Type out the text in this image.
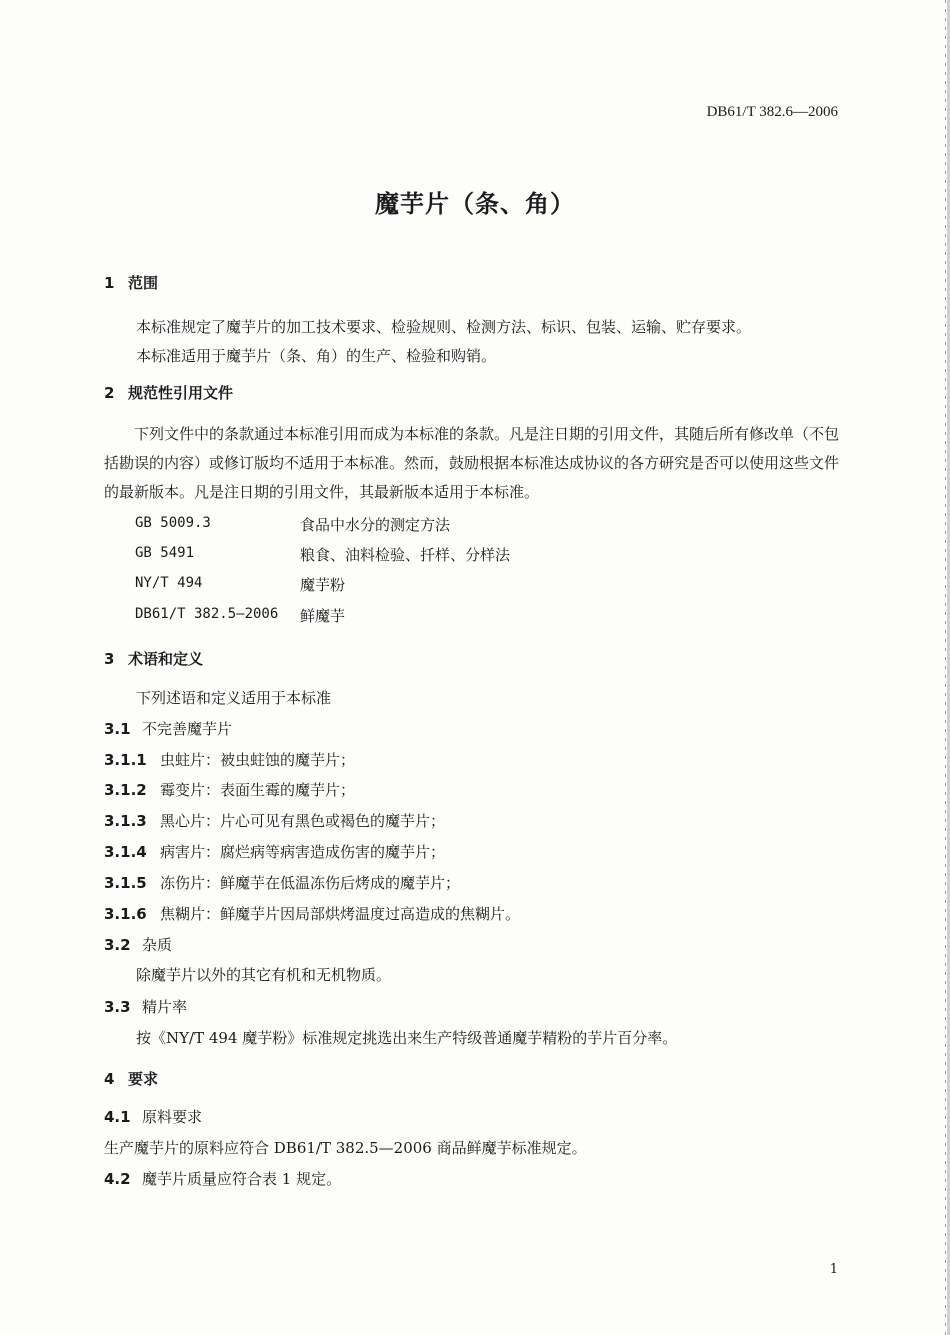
DB61/T 382.6—2006
魔芋片（条、角）
1 范围
本标准规定了魔芋片的加工技术要求、检验规则、检测方法、标识、包装、运输、贮存要求。
本标准适用于魔芋片（条、角）的生产、检验和购销。
2 规范性引用文件
下列文件中的条款通过本标准引用而成为本标准的条款。凡是注日期的引用文件，其随后所有修改单（不包括勘误的内容）或修订版均不适用于本标准。然而，鼓励根据本标准达成协议的各方研究是否可以使用这些文件的最新版本。凡是注日期的引用文件，其最新版本适用于本标准。
GB 5009.3	食品中水分的测定方法
GB 5491	粮食、油料检验、扦样、分样法
NY/T 494	魔芋粉
DB61/T 382.5—2006 鲜魔芋
3 术语和定义
下列述语和定义适用于本标准
3.1 不完善魔芋片
3.1.1 虫蛀片：被虫蛀蚀的魔芋片；
3.1.2 霉变片：表面生霉的魔芋片；
3.1.3 黑心片：片心可见有黑色或褐色的魔芋片；
3.1.4 病害片：腐烂病等病害造成伤害的魔芋片；
3.1.5 冻伤片：鲜魔芋在低温冻伤后烤成的魔芋片；
3.1.6 焦糊片：鲜魔芋片因局部烘烤温度过高造成的焦糊片。
3.2 杂质
除魔芋片以外的其它有机和无机物质。
3.3 精片率
按《NY/T 494 魔芋粉》标准规定挑选出来生产特级普通魔芋精粉的芋片百分率。
4 要求
4.1 原料要求
生产魔芋片的原料应符合 DB61/T 382.5—2006 商品鲜魔芋标准规定。
4.2 魔芋片质量应符合表 1 规定。
1
